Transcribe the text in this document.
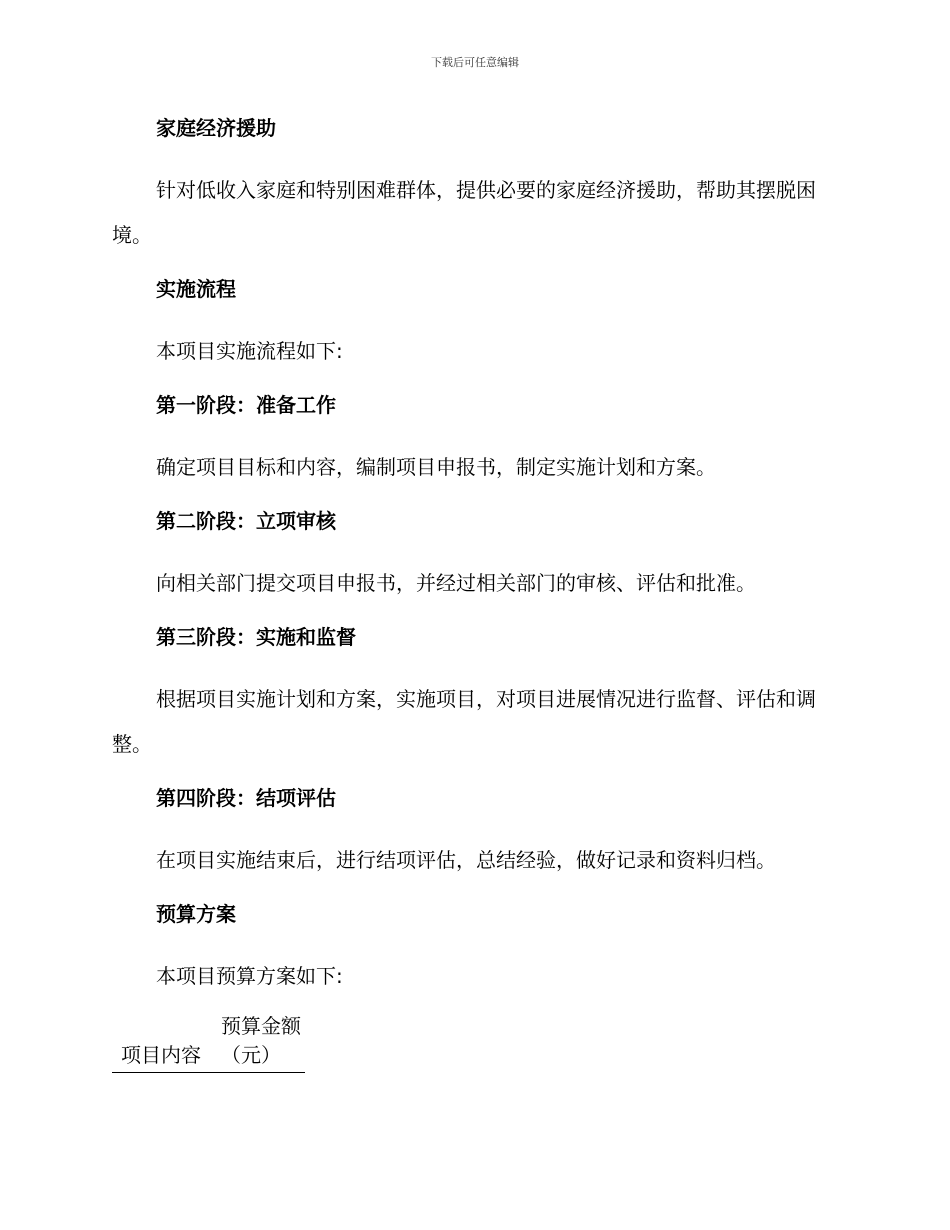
下载后可任意编辑
家庭经济援助
针对低收入家庭和特别困难群体，提供必要的家庭经济援助，帮助其摆脱困境。
实施流程
本项目实施流程如下:
第一阶段：准备工作
确定项目目标和内容，编制项目申报书，制定实施计划和方案。
第二阶段：立项审核
向相关部门提交项目申报书，并经过相关部门的审核、评估和批准。
第三阶段：实施和监督
根据项目实施计划和方案，实施项目，对项目进展情况进行监督、评估和调整。
第四阶段：结项评估
在项目实施结束后，进行结项评估，总结经验，做好记录和资料归档。
预算方案
本项目预算方案如下:
项目内容	预算金额（元）
